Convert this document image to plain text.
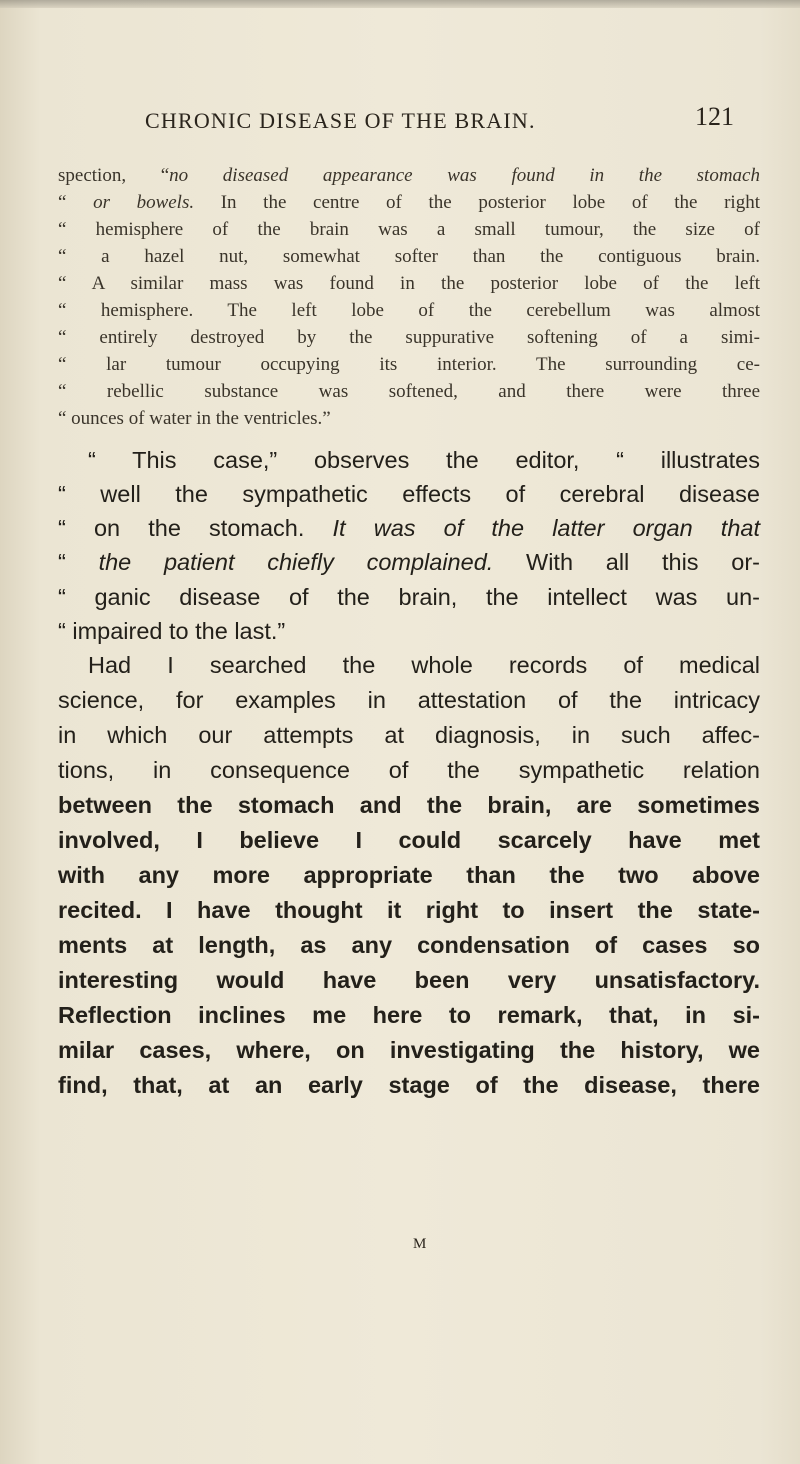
CHRONIC DISEASE OF THE BRAIN.	121
spection, “no diseased appearance was found in the stomach
“ or bowels. In the centre of the posterior lobe of the right
“ hemisphere of the brain was a small tumour, the size of
“ a hazel nut, somewhat softer than the contiguous brain.
“ A similar mass was found in the posterior lobe of the left
“ hemisphere. The left lobe of the cerebellum was almost
“ entirely destroyed by the suppurative softening of a simi-
“ lar tumour occupying its interior. The surrounding ce-
“ rebellic substance was softened, and there were three
“ ounces of water in the ventricles.”
“ This case,” observes the editor, “ illustrates
“ well the sympathetic effects of cerebral disease
“ on the stomach. It was of the latter organ that
“ the patient chiefly complained. With all this or-
“ ganic disease of the brain, the intellect was un-
“ impaired to the last.”
Had I searched the whole records of medical
science, for examples in attestation of the intricacy
in which our attempts at diagnosis, in such affec-
tions, in consequence of the sympathetic relation
between the stomach and the brain, are sometimes
involved, I believe I could scarcely have met
with any more appropriate than the two above
recited. I have thought it right to insert the state-
ments at length, as any condensation of cases so
interesting would have been very unsatisfactory.
Reflection inclines me here to remark, that, in si-
milar cases, where, on investigating the history, we
find, that, at an early stage of the disease, there
M
